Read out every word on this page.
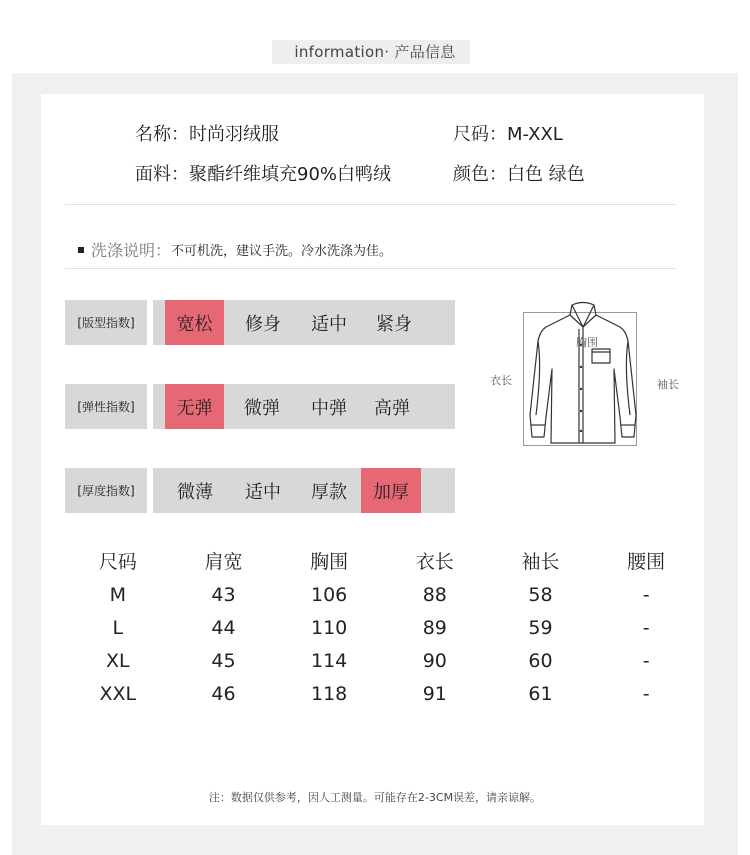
information· 产品信息
名称：时尚羽绒服	尺码：M-XXL
面料：聚酯纤维填充90%白鸭绒	颜色：白色 绿色
洗涤说明：不可机洗，建议手洗。冷水洗涤为佳。
[版型指数]	宽松	修身	适中	紧身
[弹性指数]	无弹	微弹	中弹	高弹
[厚度指数]	微薄	适中	厚款	加厚
胸围
衣长	袖长
尺码	肩宽	胸围	衣长	袖长	腰围
M	43	106	88	58	-
L	44	110	89	59	-
XL	45	114	90	60	-
XXL	46	118	91	61	-
注：数据仅供参考，因人工测量。可能存在2-3CM误差，请亲谅解。
